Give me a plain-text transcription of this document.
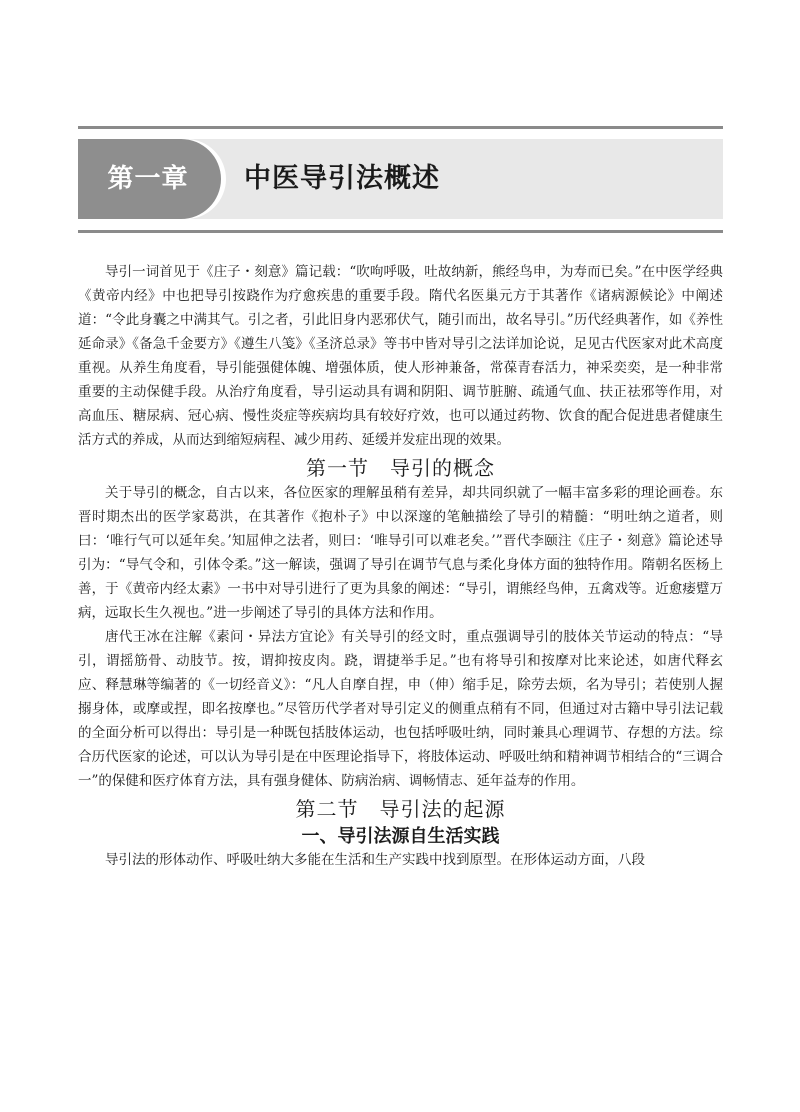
第一章	中医导引法概述

导引一词首见于《庄子・刻意》篇记载：“吹呴呼吸，吐故纳新，熊经鸟申，为寿而已矣。”在中医学经典《黄帝内经》中也把导引按跷作为疗愈疾患的重要手段。隋代名医巢元方于其著作《诸病源候论》中阐述道：“令此身囊之中满其气。引之者，引此旧身内恶邪伏气，随引而出，故名导引。”历代经典著作，如《养性延命录》《备急千金要方》《遵生八笺》《圣济总录》等书中皆对导引之法详加论说，足见古代医家对此术高度重视。从养生角度看，导引能强健体魄、增强体质，使人形神兼备，常葆青春活力，神采奕奕，是一种非常重要的主动保健手段。从治疗角度看，导引运动具有调和阴阳、调节脏腑、疏通气血、扶正祛邪等作用，对高血压、糖尿病、冠心病、慢性炎症等疾病均具有较好疗效，也可以通过药物、饮食的配合促进患者健康生活方式的养成，从而达到缩短病程、减少用药、延缓并发症出现的效果。

第一节　导引的概念

关于导引的概念，自古以来，各位医家的理解虽稍有差异，却共同织就了一幅丰富多彩的理论画卷。东晋时期杰出的医学家葛洪，在其著作《抱朴子》中以深邃的笔触描绘了导引的精髓：“明吐纳之道者，则曰：‘唯行气可以延年矣。’知屈伸之法者，则曰：‘唯导引可以难老矣。’”晋代李颐注《庄子・刻意》篇论述导引为：“导气令和，引体令柔。”这一解读，强调了导引在调节气息与柔化身体方面的独特作用。隋朝名医杨上善，于《黄帝内经太素》一书中对导引进行了更为具象的阐述：“导引，谓熊经鸟伸，五禽戏等。近愈痿躄万病，远取长生久视也。”进一步阐述了导引的具体方法和作用。

唐代王冰在注解《素问・异法方宜论》有关导引的经文时，重点强调导引的肢体关节运动的特点：“导引，谓摇筋骨、动肢节。按，谓抑按皮肉。跷，谓捷举手足。”也有将导引和按摩对比来论述，如唐代释玄应、释慧琳等编著的《一切经音义》：“凡人自摩自捏，申（伸）缩手足，除劳去烦，名为导引；若使别人握搦身体，或摩或捏，即名按摩也。”尽管历代学者对导引定义的侧重点稍有不同，但通过对古籍中导引法记载的全面分析可以得出：导引是一种既包括肢体运动，也包括呼吸吐纳，同时兼具心理调节、存想的方法。综合历代医家的论述，可以认为导引是在中医理论指导下，将肢体运动、呼吸吐纳和精神调节相结合的“三调合一”的保健和医疗体育方法，具有强身健体、防病治病、调畅情志、延年益寿的作用。

第二节　导引法的起源
一、导引法源自生活实践

导引法的形体动作、呼吸吐纳大多能在生活和生产实践中找到原型。在形体运动方面，八段
